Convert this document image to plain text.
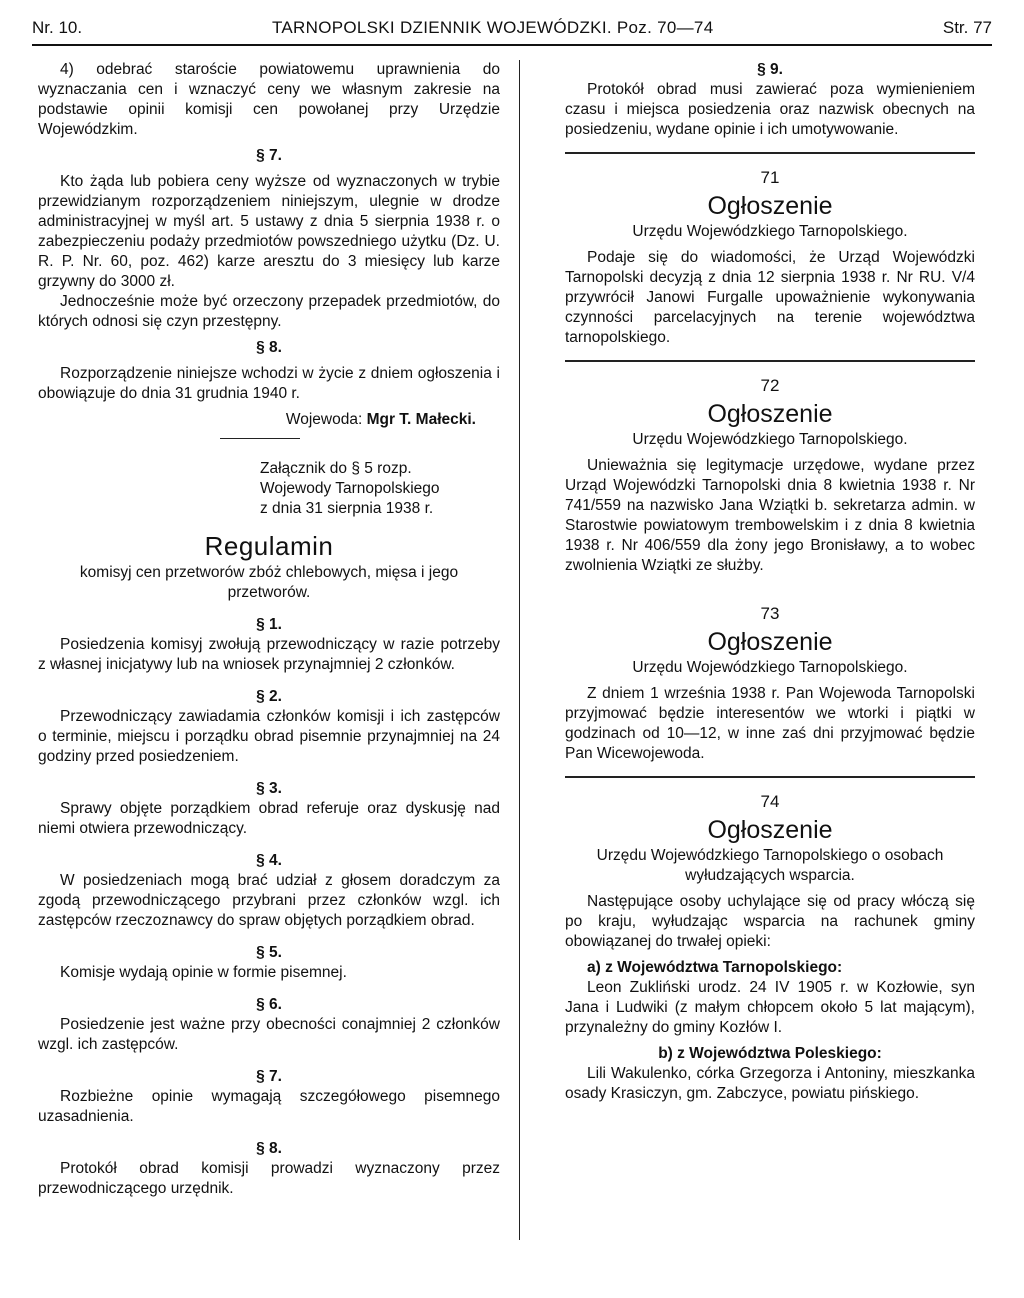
Nr. 10.	TARNOPOLSKI DZIENNIK WOJEWÓDZKI. Poz. 70—74	Str. 77

4) odebrać staroście powiatowemu uprawnienia do wyznaczania cen i wznaczyć ceny we własnym zakresie na podstawie opinii komisji cen powołanej przy Urzędzie Wojewódzkim.

§ 7.

Kto żąda lub pobiera ceny wyższe od wyznaczonych w trybie przewidzianym rozporządzeniem niniejszym, ulegnie w drodze administracyjnej w myśl art. 5 ustawy z dnia 5 sierpnia 1938 r. o zabezpieczeniu podaży przedmiotów powszedniego użytku (Dz. U. R. P. Nr. 60, poz. 462) karze aresztu do 3 miesięcy lub karze grzywny do 3000 zł.

Jednocześnie może być orzeczony przepadek przedmiotów, do których odnosi się czyn przestępny.

§ 8.

Rozporządzenie niniejsze wchodzi w życie z dniem ogłoszenia i obowiązuje do dnia 31 grudnia 1940 r.

Wojewoda: Mgr T. Małecki.

Załącznik do § 5 rozp.
Wojewody Tarnopolskiego
z dnia 31 sierpnia 1938 r.
Regulamin

komisyj cen przetworów zbóż chlebowych, mięsa i jego przetworów.

§ 1.

Posiedzenia komisyj zwołują przewodniczący w razie potrzeby z własnej inicjatywy lub na wniosek przynajmniej 2 członków.

§ 2.

Przewodniczący zawiadamia członków komisji i ich zastępców o terminie, miejscu i porządku obrad pisemnie przynajmniej na 24 godziny przed posiedzeniem.

§ 3.

Sprawy objęte porządkiem obrad referuje oraz dyskusję nad niemi otwiera przewodniczący.

§ 4.

W posiedzeniach mogą brać udział z głosem doradczym za zgodą przewodniczącego przybrani przez członków wzgl. ich zastępców rzeczoznawcy do spraw objętych porządkiem obrad.

§ 5.

Komisje wydają opinie w formie pisemnej.

§ 6.

Posiedzenie jest ważne przy obecności conajmniej 2 członków wzgl. ich zastępców.

§ 7.

Rozbieżne opinie wymagają szczegółowego pisemnego uzasadnienia.

§ 8.

Protokół obrad komisji prowadzi wyznaczony przez przewodniczącego urzędnik.

§ 9.

Protokół obrad musi zawierać poza wymienieniem czasu i miejsca posiedzenia oraz nazwisk obecnych na posiedzeniu, wydane opinie i ich umotywowanie.

71
Ogłoszenie
Urzędu Wojewódzkiego Tarnopolskiego.

Podaje się do wiadomości, że Urząd Wojewódzki Tarnopolski decyzją z dnia 12 sierpnia 1938 r. Nr RU. V/4 przywrócił Janowi Furgalle upoważnienie wykonywania czynności parcelacyjnych na terenie województwa tarnopolskiego.

72
Ogłoszenie
Urzędu Wojewódzkiego Tarnopolskiego.

Unieważnia się legitymacje urzędowe, wydane przez Urząd Wojewódzki Tarnopolski dnia 8 kwietnia 1938 r. Nr 741/559 na nazwisko Jana Wziątki b. sekretarza admin. w Starostwie powiatowym trembowelskim i z dnia 8 kwietnia 1938 r. Nr 406/559 dla żony jego Bronisławy, a to wobec zwolnienia Wziątki ze służby.

73
Ogłoszenie
Urzędu Wojewódzkiego Tarnopolskiego.

Z dniem 1 września 1938 r. Pan Wojewoda Tarnopolski przyjmować będzie interesentów we wtorki i piątki w godzinach od 10—12, w inne zaś dni przyjmować będzie Pan Wicewojewoda.

74
Ogłoszenie
Urzędu Wojewódzkiego Tarnopolskiego o osobach wyłudzających wsparcia.

Następujące osoby uchylające się od pracy włóczą się po kraju, wyłudzając wsparcia na rachunek gminy obowiązanej do trwałej opieki:

a) z Województwa Tarnopolskiego:

Leon Zukliński urodz. 24 IV 1905 r. w Kozłowie, syn Jana i Ludwiki (z małym chłopcem około 5 lat mającym), przynależny do gminy Kozłów I.

b) z Województwa Poleskiego:

Lili Wakulenko, córka Grzegorza i Antoniny, mieszkanka osady Krasiczyn, gm. Zabczyce, powiatu pińskiego.
